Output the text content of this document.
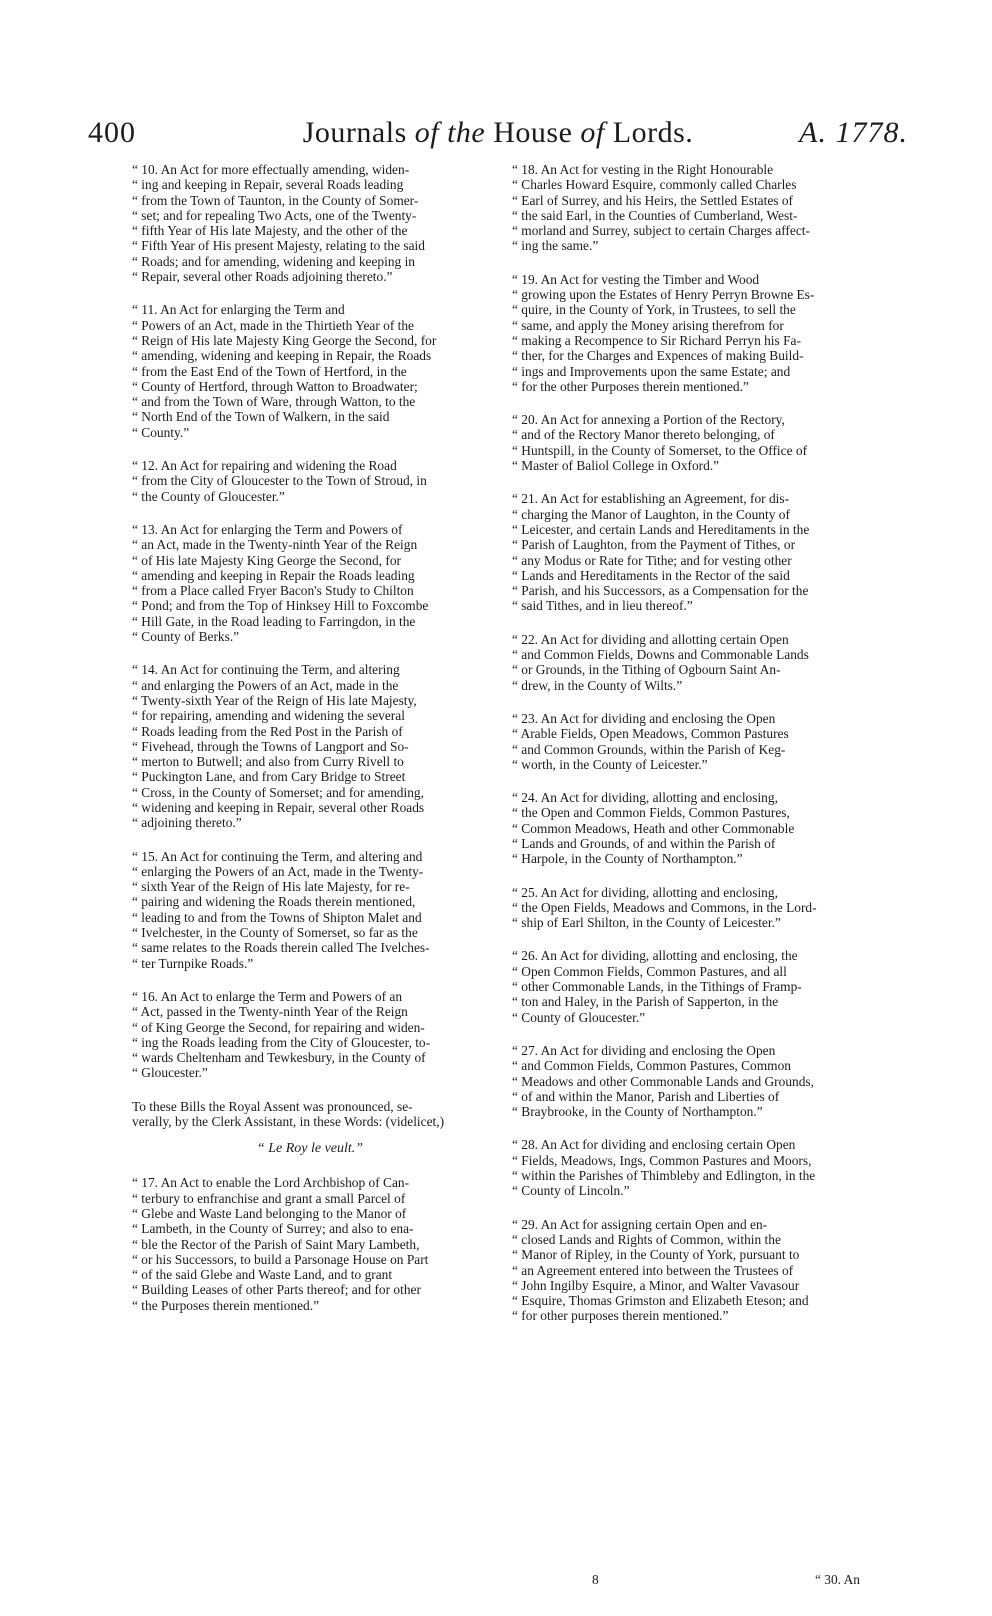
400	Journals of the House of Lords.	A. 1778.

“ 10. An Act for more effectually amending, widen-
“ ing and keeping in Repair, several Roads leading
“ from the Town of Taunton, in the County of Somer-
“ set; and for repealing Two Acts, one of the Twenty-
“ fifth Year of His late Majesty, and the other of the
“ Fifth Year of His present Majesty, relating to the said
“ Roads; and for amending, widening and keeping in
“ Repair, several other Roads adjoining thereto.”

“ 11. An Act for enlarging the Term and
“ Powers of an Act, made in the Thirtieth Year of the
“ Reign of His late Majesty King George the Second, for
“ amending, widening and keeping in Repair, the Roads
“ from the East End of the Town of Hertford, in the
“ County of Hertford, through Watton to Broadwater;
“ and from the Town of Ware, through Watton, to the
“ North End of the Town of Walkern, in the said
“ County.”

“ 12. An Act for repairing and widening the Road
“ from the City of Gloucester to the Town of Stroud, in
“ the County of Gloucester.”

“ 13. An Act for enlarging the Term and Powers of
“ an Act, made in the Twenty-ninth Year of the Reign
“ of His late Majesty King George the Second, for
“ amending and keeping in Repair the Roads leading
“ from a Place called Fryer Bacon's Study to Chilton
“ Pond; and from the Top of Hinksey Hill to Foxcombe
“ Hill Gate, in the Road leading to Farringdon, in the
“ County of Berks.”

“ 14. An Act for continuing the Term, and altering
“ and enlarging the Powers of an Act, made in the
“ Twenty-sixth Year of the Reign of His late Majesty,
“ for repairing, amending and widening the several
“ Roads leading from the Red Post in the Parish of
“ Fivehead, through the Towns of Langport and So-
“ merton to Butwell; and also from Curry Rivell to
“ Puckington Lane, and from Cary Bridge to Street
“ Cross, in the County of Somerset; and for amending,
“ widening and keeping in Repair, several other Roads
“ adjoining thereto.”

“ 15. An Act for continuing the Term, and altering and
“ enlarging the Powers of an Act, made in the Twenty-
“ sixth Year of the Reign of His late Majesty, for re-
“ pairing and widening the Roads therein mentioned,
“ leading to and from the Towns of Shipton Malet and
“ Ivelchester, in the County of Somerset, so far as the
“ same relates to the Roads therein called The Ivelches-
“ ter Turnpike Roads.”

“ 16. An Act to enlarge the Term and Powers of an
“ Act, passed in the Twenty-ninth Year of the Reign
“ of King George the Second, for repairing and widen-
“ ing the Roads leading from the City of Gloucester, to-
“ wards Cheltenham and Tewkesbury, in the County of
“ Gloucester.”

To these Bills the Royal Assent was pronounced, se-
verally, by the Clerk Assistant, in these Words: (videlicet,)

“ Le Roy le veult.”

“ 17. An Act to enable the Lord Archbishop of Can-
“ terbury to enfranchise and grant a small Parcel of
“ Glebe and Waste Land belonging to the Manor of
“ Lambeth, in the County of Surrey; and also to ena-
“ ble the Rector of the Parish of Saint Mary Lambeth,
“ or his Successors, to build a Parsonage House on Part
“ of the said Glebe and Waste Land, and to grant
“ Building Leases of other Parts thereof; and for other
“ the Purposes therein mentioned.”

“ 18. An Act for vesting in the Right Honourable
“ Charles Howard Esquire, commonly called Charles
“ Earl of Surrey, and his Heirs, the Settled Estates of
“ the said Earl, in the Counties of Cumberland, West-
“ morland and Surrey, subject to certain Charges affect-
“ ing the same.”

“ 19. An Act for vesting the Timber and Wood
“ growing upon the Estates of Henry Perryn Browne Es-
“ quire, in the County of York, in Trustees, to sell the
“ same, and apply the Money arising therefrom for
“ making a Recompence to Sir Richard Perryn his Fa-
“ ther, for the Charges and Expences of making Build-
“ ings and Improvements upon the same Estate; and
“ for the other Purposes therein mentioned.”

“ 20. An Act for annexing a Portion of the Rectory,
“ and of the Rectory Manor thereto belonging, of
“ Huntspill, in the County of Somerset, to the Office of
“ Master of Baliol College in Oxford.”

“ 21. An Act for establishing an Agreement, for dis-
“ charging the Manor of Laughton, in the County of
“ Leicester, and certain Lands and Hereditaments in the
“ Parish of Laughton, from the Payment of Tithes, or
“ any Modus or Rate for Tithe; and for vesting other
“ Lands and Hereditaments in the Rector of the said
“ Parish, and his Successors, as a Compensation for the
“ said Tithes, and in lieu thereof.”

“ 22. An Act for dividing and allotting certain Open
“ and Common Fields, Downs and Commonable Lands
“ or Grounds, in the Tithing of Ogbourn Saint An-
“ drew, in the County of Wilts.”

“ 23. An Act for dividing and enclosing the Open
“ Arable Fields, Open Meadows, Common Pastures
“ and Common Grounds, within the Parish of Keg-
“ worth, in the County of Leicester.”

“ 24. An Act for dividing, allotting and enclosing,
“ the Open and Common Fields, Common Pastures,
“ Common Meadows, Heath and other Commonable
“ Lands and Grounds, of and within the Parish of
“ Harpole, in the County of Northampton.”

“ 25. An Act for dividing, allotting and enclosing,
“ the Open Fields, Meadows and Commons, in the Lord-
“ ship of Earl Shilton, in the County of Leicester.”

“ 26. An Act for dividing, allotting and enclosing, the
“ Open Common Fields, Common Pastures, and all
“ other Commonable Lands, in the Tithings of Framp-
“ ton and Haley, in the Parish of Sapperton, in the
“ County of Gloucester.”

“ 27. An Act for dividing and enclosing the Open
“ and Common Fields, Common Pastures, Common
“ Meadows and other Commonable Lands and Grounds,
“ of and within the Manor, Parish and Liberties of
“ Braybrooke, in the County of Northampton.”

“ 28. An Act for dividing and enclosing certain Open
“ Fields, Meadows, Ings, Common Pastures and Moors,
“ within the Parishes of Thimbleby and Edlington, in the
“ County of Lincoln.”

“ 29. An Act for assigning certain Open and en-
“ closed Lands and Rights of Common, within the
“ Manor of Ripley, in the County of York, pursuant to
“ an Agreement entered into between the Trustees of
“ John Ingilby Esquire, a Minor, and Walter Vavasour
“ Esquire, Thomas Grimston and Elizabeth Eteson; and
“ for other purposes therein mentioned.”

8	“ 30. An
